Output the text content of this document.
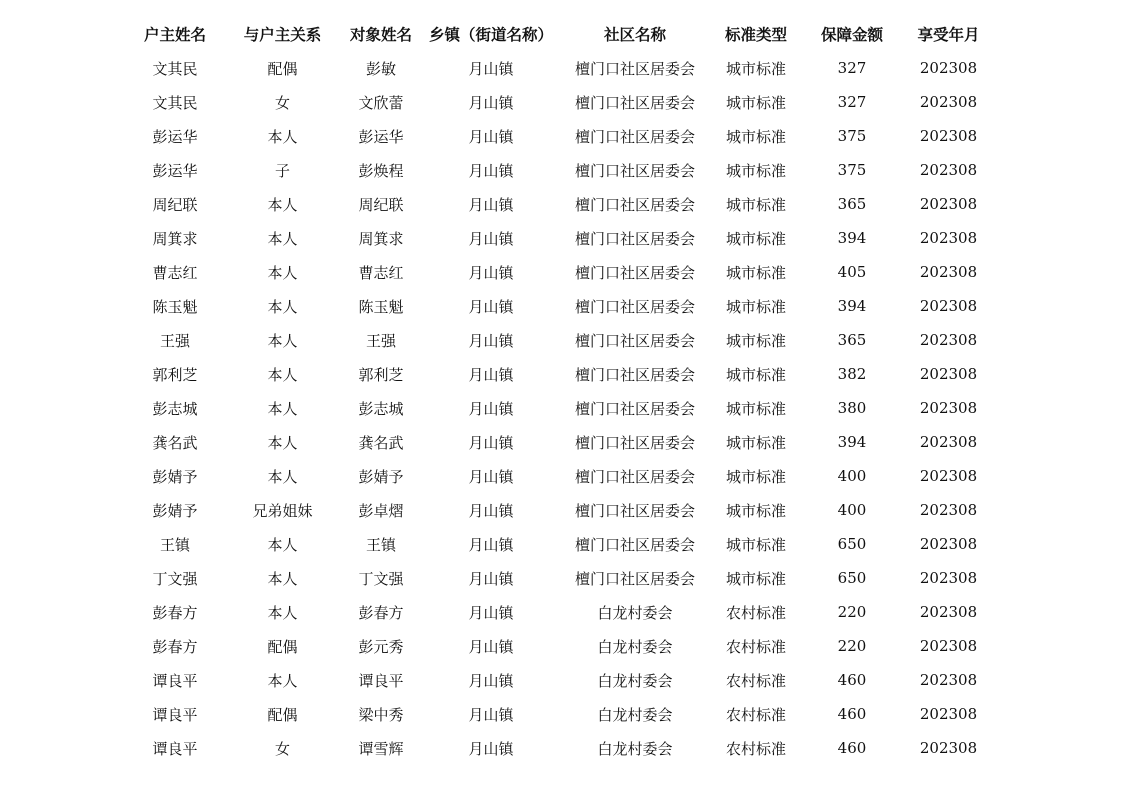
户主姓名	与户主关系	对象姓名	乡镇（街道名称）	社区名称	标准类型	保障金额	享受年月
文其民	配偶	彭敏	月山镇	檀门口社区居委会	城市标准	327	202308
文其民	女	文欣蕾	月山镇	檀门口社区居委会	城市标准	327	202308
彭运华	本人	彭运华	月山镇	檀门口社区居委会	城市标准	375	202308
彭运华	子	彭焕程	月山镇	檀门口社区居委会	城市标准	375	202308
周纪联	本人	周纪联	月山镇	檀门口社区居委会	城市标准	365	202308
周箕求	本人	周箕求	月山镇	檀门口社区居委会	城市标准	394	202308
曹志红	本人	曹志红	月山镇	檀门口社区居委会	城市标准	405	202308
陈玉魁	本人	陈玉魁	月山镇	檀门口社区居委会	城市标准	394	202308
王强	本人	王强	月山镇	檀门口社区居委会	城市标准	365	202308
郭利芝	本人	郭利芝	月山镇	檀门口社区居委会	城市标准	382	202308
彭志城	本人	彭志城	月山镇	檀门口社区居委会	城市标准	380	202308
龚名武	本人	龚名武	月山镇	檀门口社区居委会	城市标准	394	202308
彭婧予	本人	彭婧予	月山镇	檀门口社区居委会	城市标准	400	202308
彭婧予	兄弟姐妹	彭卓熠	月山镇	檀门口社区居委会	城市标准	400	202308
王镇	本人	王镇	月山镇	檀门口社区居委会	城市标准	650	202308
丁文强	本人	丁文强	月山镇	檀门口社区居委会	城市标准	650	202308
彭春方	本人	彭春方	月山镇	白龙村委会	农村标准	220	202308
彭春方	配偶	彭元秀	月山镇	白龙村委会	农村标准	220	202308
谭良平	本人	谭良平	月山镇	白龙村委会	农村标准	460	202308
谭良平	配偶	梁中秀	月山镇	白龙村委会	农村标准	460	202308
谭良平	女	谭雪辉	月山镇	白龙村委会	农村标准	460	202308
